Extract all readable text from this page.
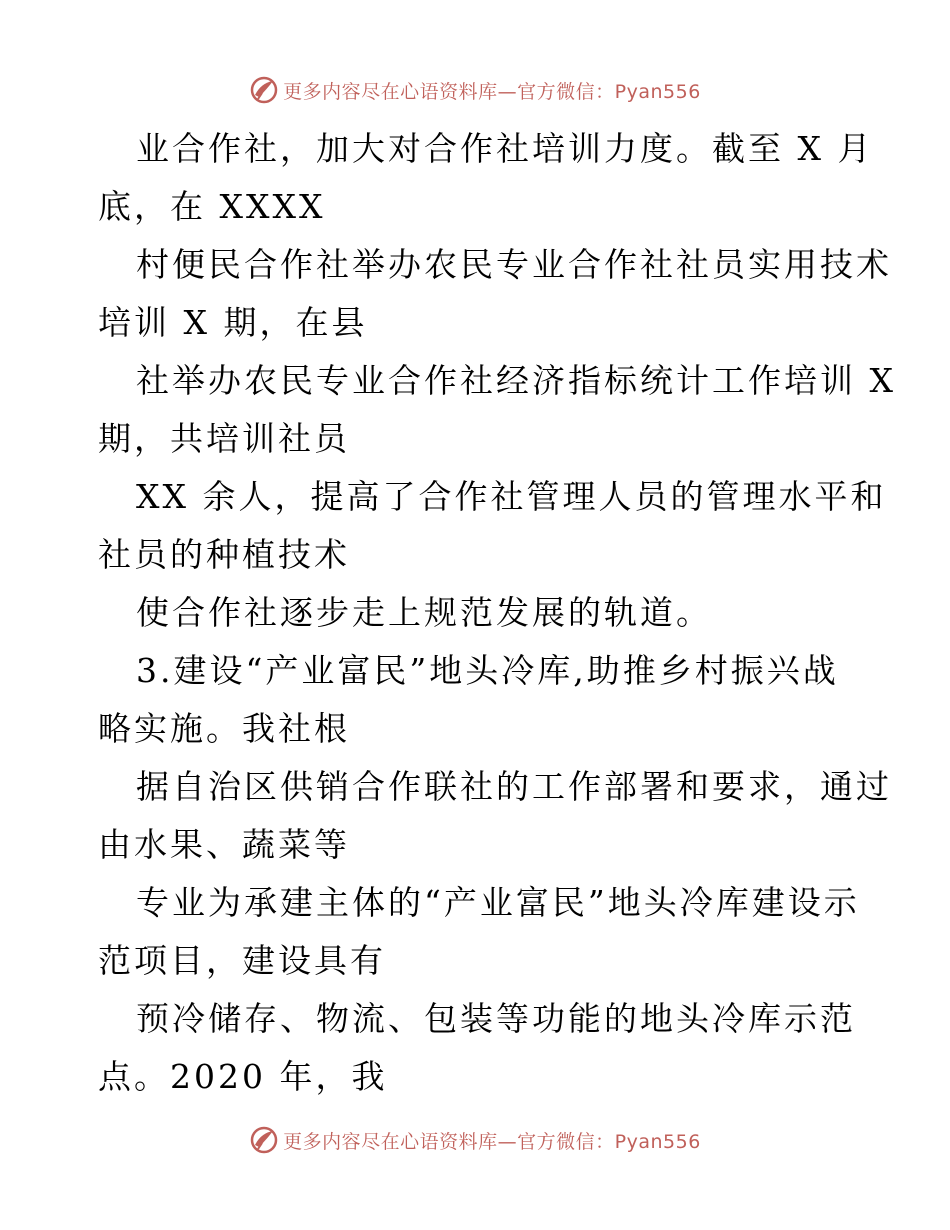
更多内容尽在心语资料库—官方微信：Pyan556
业合作社，加大对合作社培训力度。截至 X 月
底，在 XXXX
村便民合作社举办农民专业合作社社员实用技术
培训 X 期，在县
社举办农民专业合作社经济指标统计工作培训 X
期，共培训社员
XX 余人，提高了合作社管理人员的管理水平和
社员的种植技术
使合作社逐步走上规范发展的轨道。
3.建设“产业富民”地头冷库,助推乡村振兴战
略实施。我社根
据自治区供销合作联社的工作部署和要求，通过
由水果、蔬菜等
专业为承建主体的“产业富民”地头冷库建设示
范项目，建设具有
预冷储存、物流、包装等功能的地头冷库示范
点。2020 年，我
更多内容尽在心语资料库—官方微信：Pyan556
